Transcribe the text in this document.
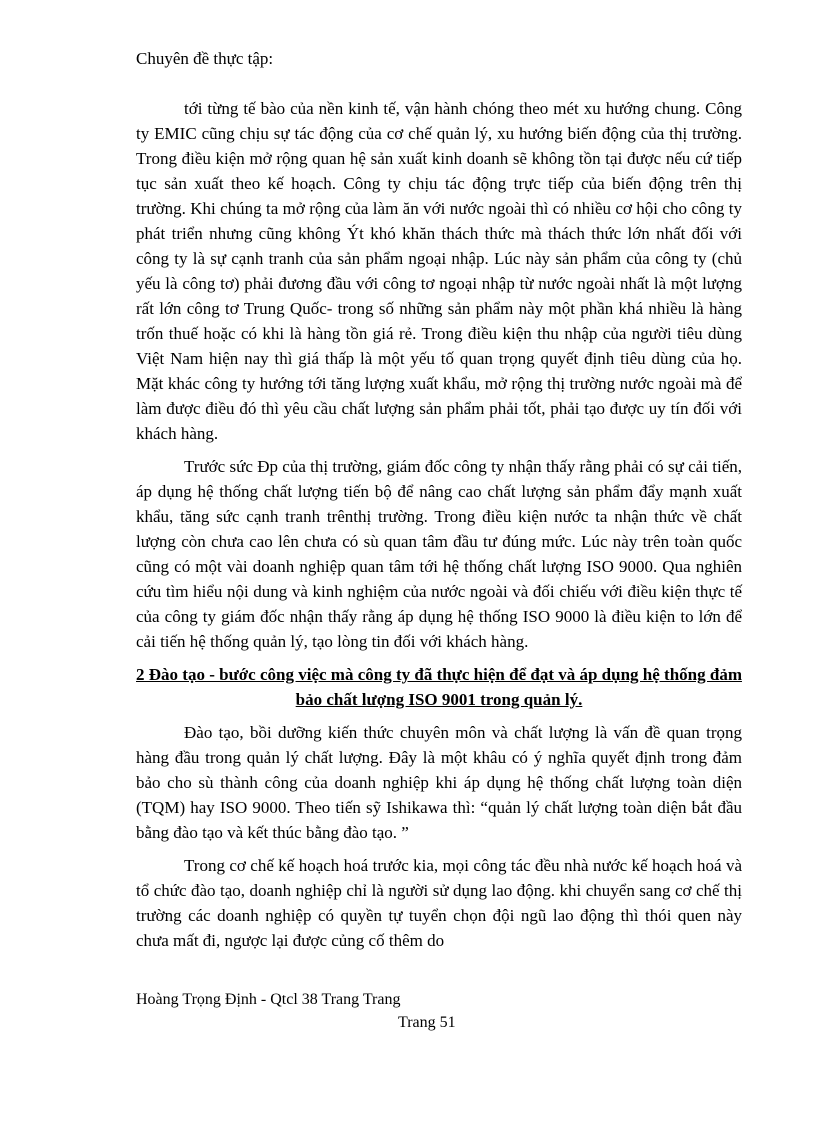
Chuyên đề thực tập:

tới từng tế bào của nền kinh tế, vận hành chóng theo mét xu hướng chung. Công ty EMIC cũng chịu sự tác động của cơ chế quản lý, xu hướng biến động của thị trường. Trong điều kiện mở rộng quan hệ sản xuất kinh doanh sẽ không tồn tại được nếu cứ tiếp tục sản xuất theo kế hoạch. Công ty chịu tác động trực tiếp của biến động trên thị trường. Khi chúng ta mở rộng của làm ăn với nước ngoài thì có nhiều cơ hội cho công ty phát triển nhưng cũng không Ýt khó khăn thách thức mà thách thức lớn nhất đối với công ty là sự cạnh tranh của sản phẩm ngoại nhập. Lúc này sản phẩm của công ty (chủ yếu là công tơ) phải đương đầu với công tơ ngoại nhập từ nước ngoài nhất là một lượng rất lớn công tơ Trung Quốc- trong số những sản phẩm này một phần khá nhiều là hàng trốn thuế hoặc có khi là hàng tồn giá rẻ. Trong điều kiện thu nhập của người tiêu dùng Việt Nam hiện nay thì giá thấp là một yếu tố quan trọng quyết định tiêu dùng của họ. Mặt khác công ty hướng tới tăng lượng xuất khẩu, mở rộng thị trường nước ngoài mà để làm được điều đó thì yêu cầu chất lượng sản phẩm phải tốt, phải tạo được uy tín đối với khách hàng.

Trước sức Ðp của thị trường, giám đốc công ty nhận thấy rằng phải có sự cải tiến, áp dụng hệ thống chất lượng tiến bộ để nâng cao chất lượng sản phẩm đẩy mạnh xuất khẩu, tăng sức cạnh tranh trênthị trường. Trong điều kiện nước ta nhận thức về chất lượng còn chưa cao lên chưa có sù quan tâm đầu tư đúng mức. Lúc này trên toàn quốc cũng có một vài doanh nghiệp quan tâm tới hệ thống chất lượng ISO 9000. Qua nghiên cứu tìm hiểu nội dung và kinh nghiệm của nước ngoài và đối chiếu với điều kiện thực tế của công ty giám đốc nhận thấy rằng áp dụng hệ thống ISO 9000 là điều kiện to lớn để cải tiến hệ thống quản lý, tạo lòng tin đối với khách hàng.

2 Đào tạo - bước công việc mà công ty đã thực hiện để đạt và áp dụng hệ thống đảm bảo chất lượng ISO 9001 trong quản lý.

Đào tạo, bồi dưỡng kiến thức chuyên môn và chất lượng là vấn đề quan trọng hàng đầu trong quản lý chất lượng. Đây là một khâu có ý nghĩa quyết định trong đảm bảo cho sù thành công của doanh nghiệp khi áp dụng hệ thống chất lượng toàn diện (TQM) hay ISO 9000. Theo tiến sỹ Ishikawa thì: “quản lý chất lượng toàn diện bắt đầu bằng đào tạo và kết thúc bằng đào tạo. ”

Trong cơ chế kế hoạch hoá trước kia, mọi công tác đều nhà nước kế hoạch hoá và tổ chức đào tạo, doanh nghiệp chỉ là người sử dụng lao động. khi chuyển sang cơ chế thị trường các doanh nghiệp có quyền tự tuyển chọn đội ngũ lao động thì thói quen này chưa mất đi, ngược lại được củng cố thêm do

Hoàng Trọng Định - Qtcl 38 Trang Trang
Trang 51
